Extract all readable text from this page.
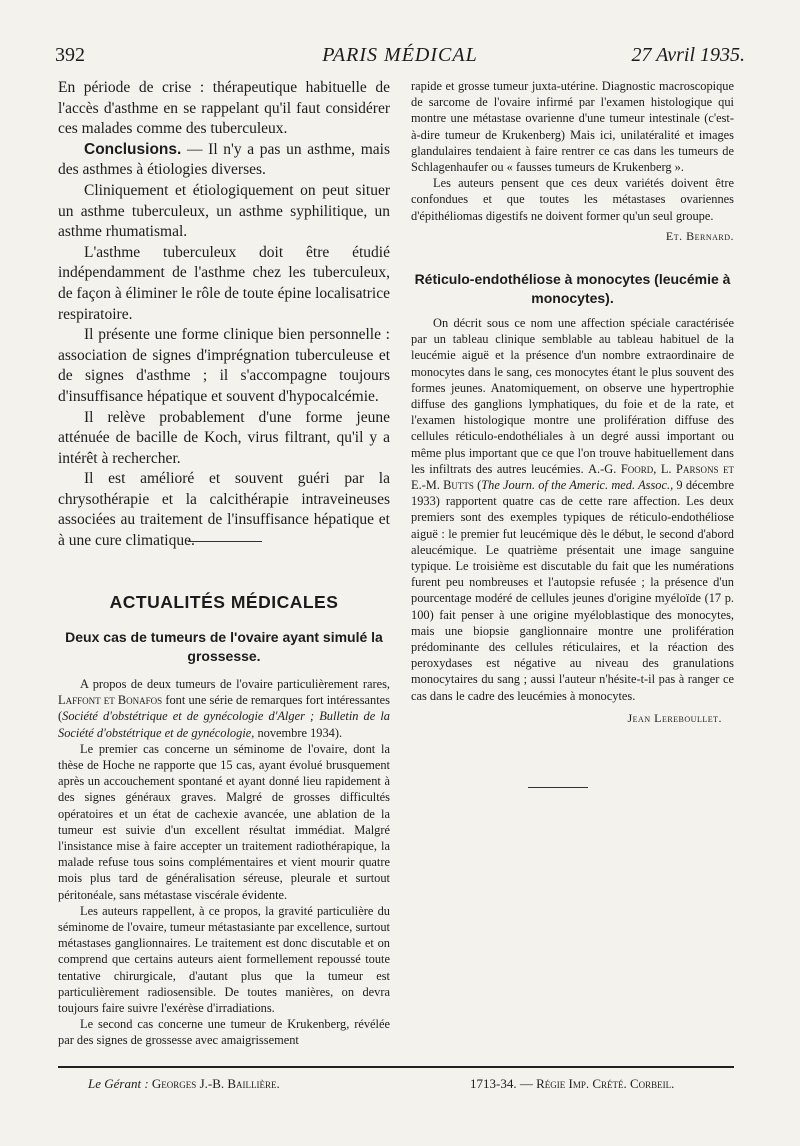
392	PARIS MÉDICAL	27 Avril 1935.

En période de crise : thérapeutique habituelle de l'accès d'asthme en se rappelant qu'il faut considérer ces malades comme des tuberculeux.

Conclusions. — Il n'y a pas un asthme, mais des asthmes à étiologies diverses.

Cliniquement et étiologiquement on peut situer un asthme tuberculeux, un asthme syphilitique, un asthme rhumatismal.

L'asthme tuberculeux doit être étudié indépendamment de l'asthme chez les tuberculeux, de façon à éliminer le rôle de toute épine localisatrice respiratoire.

Il présente une forme clinique bien personnelle : association de signes d'imprégnation tuberculeuse et de signes d'asthme ; il s'accompagne toujours d'insuffisance hépatique et souvent d'hypocalcémie.

Il relève probablement d'une forme jeune atténuée de bacille de Koch, virus filtrant, qu'il y a intérêt à rechercher.

Il est amélioré et souvent guéri par la chrysothérapie et la calcithérapie intraveineuses associées au traitement de l'insuffisance hépatique et à une cure climatique.

ACTUALITÉS MÉDICALES
Deux cas de tumeurs de l'ovaire ayant simulé la grossesse.

A propos de deux tumeurs de l'ovaire particulièrement rares, Laffont et Bonafos font une série de remarques fort intéressantes (Société d'obstétrique et de gynécologie d'Alger ; Bulletin de la Société d'obstétrique et de gynécologie, novembre 1934).

Le premier cas concerne un séminome de l'ovaire, dont la thèse de Hoche ne rapporte que 15 cas, ayant évolué brusquement après un accouchement spontané et ayant donné lieu rapidement à des signes généraux graves. Malgré de grosses difficultés opératoires et un état de cachexie avancée, une ablation de la tumeur est suivie d'un excellent résultat immédiat. Malgré l'insistance mise à faire accepter un traitement radiothérapique, la malade refuse tous soins complémentaires et vient mourir quatre mois plus tard de généralisation séreuse, pleurale et surtout péritonéale, sans métastase viscérale évidente.

Les auteurs rappellent, à ce propos, la gravité particulière du séminome de l'ovaire, tumeur métastasiante par excellence, surtout métastases ganglionnaires. Le traitement est donc discutable et on comprend que certains auteurs aient formellement repoussé toute tentative chirurgicale, d'autant plus que la tumeur est particulièrement radiosensible. De toutes manières, on devra toujours faire suivre l'exérèse d'irradiations.

Le second cas concerne une tumeur de Krukenberg, révélée par des signes de grossesse avec amaigrissement

rapide et grosse tumeur juxta-utérine. Diagnostic macroscopique de sarcome de l'ovaire infirmé par l'examen histologique qui montre une métastase ovarienne d'une tumeur intestinale (c'est-à-dire tumeur de Krukenberg) Mais ici, unilatéralité et images glandulaires tendaient à faire rentrer ce cas dans les tumeurs de Schlagenhaufer ou « fausses tumeurs de Krukenberg ».

Les auteurs pensent que ces deux variétés doivent être confondues et que toutes les métastases ovariennes d'épithéliomas digestifs ne doivent former qu'un seul groupe.

Et. Bernard.
Réticulo-endothéliose à monocytes (leucémie à monocytes).

On décrit sous ce nom une affection spéciale caractérisée par un tableau clinique semblable au tableau habituel de la leucémie aiguë et la présence d'un nombre extraordinaire de monocytes dans le sang, ces monocytes étant le plus souvent des formes jeunes. Anatomiquement, on observe une hypertrophie diffuse des ganglions lymphatiques, du foie et de la rate, et l'examen histologique montre une prolifération diffuse des cellules réticulo-endothéliales à un degré aussi important ou même plus important que ce que l'on trouve habituellement dans les infiltrats des autres leucémies. A.-G. Foord, L. Parsons et E.-M. Butts (The Journ. of the Americ. med. Assoc., 9 décembre 1933) rapportent quatre cas de cette rare affection. Les deux premiers sont des exemples typiques de réticulo-endothéliose aiguë : le premier fut leucémique dès le début, le second d'abord aleucémique. Le quatrième présentait une image sanguine typique. Le troisième est discutable du fait que les numérations furent peu nombreuses et l'autopsie refusée ; la présence d'un pourcentage modéré de cellules jeunes d'origine myéloïde (17 p. 100) fait penser à une origine myéloblastique des monocytes, mais une biopsie ganglionnaire montre une prolifération prédominante des cellules réticulaires, et la réaction des peroxydases est négative au niveau des granulations monocytaires du sang ; aussi l'auteur n'hésite-t-il pas à ranger ce cas dans le cadre des leucémies à monocytes.

Jean Lereboullet.
Le Gérant : Georges J.-B. Baillière.	1713-34. — Régie Imp. Crété. Corbeil.
